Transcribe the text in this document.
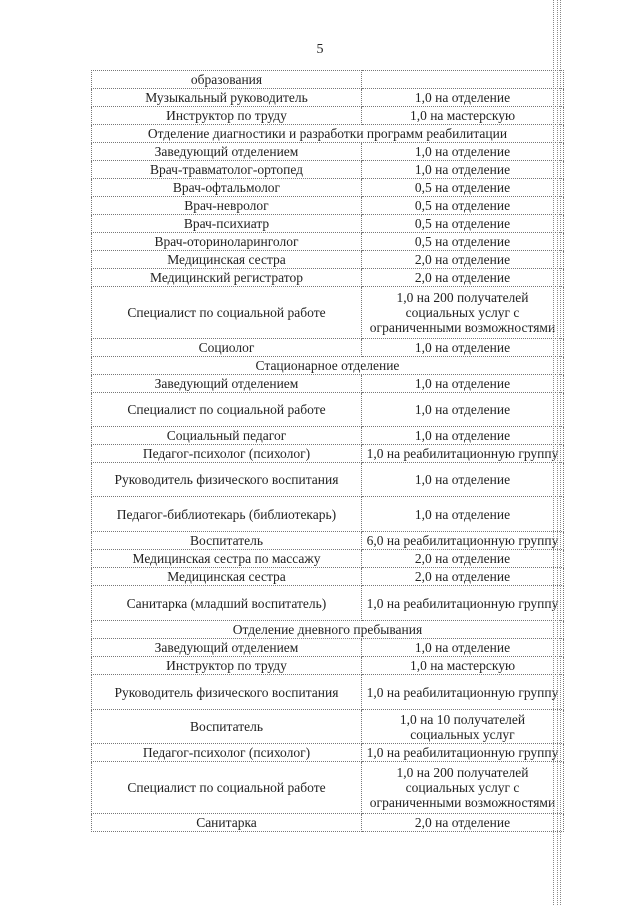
5
образования	
Музыкальный руководитель	1,0 на отделение
Инструктор по труду	1,0 на мастерскую
Отделение диагностики и разработки программ реабилитации	
Заведующий отделением	1,0 на отделение
Врач-травматолог-ортопед	1,0 на отделение
Врач-офтальмолог	0,5 на отделение
Врач-невролог	0,5 на отделение
Врач-психиатр	0,5 на отделение
Врач-оториноларинголог	0,5 на отделение
Медицинская сестра	2,0 на отделение
Медицинский регистратор	2,0 на отделение
Специалист по социальной работе	1,0 на 200 получателей социальных услуг с ограниченными возможностями
Социолог	1,0 на отделение
Стационарное отделение	
Заведующий отделением	1,0 на отделение
Специалист по социальной работе	1,0 на отделение
Социальный педагог	1,0 на отделение
Педагог-психолог (психолог)	1,0 на реабилитационную группу
Руководитель физического воспитания	1,0 на отделение
Педагог-библиотекарь (библиотекарь)	1,0 на отделение
Воспитатель	6,0 на реабилитационную группу
Медицинская сестра по массажу	2,0 на отделение
Медицинская сестра	2,0 на отделение
Санитарка (младший воспитатель)	1,0 на реабилитационную группу
Отделение дневного пребывания	
Заведующий отделением	1,0 на отделение
Инструктор по труду	1,0 на мастерскую
Руководитель физического воспитания	1,0 на реабилитационную группу
Воспитатель	1,0 на 10 получателей социальных услуг
Педагог-психолог (психолог)	1,0 на реабилитационную группу
Специалист по социальной работе	1,0 на 200 получателей социальных услуг с ограниченными возможностями
Санитарка	2,0 на отделение
